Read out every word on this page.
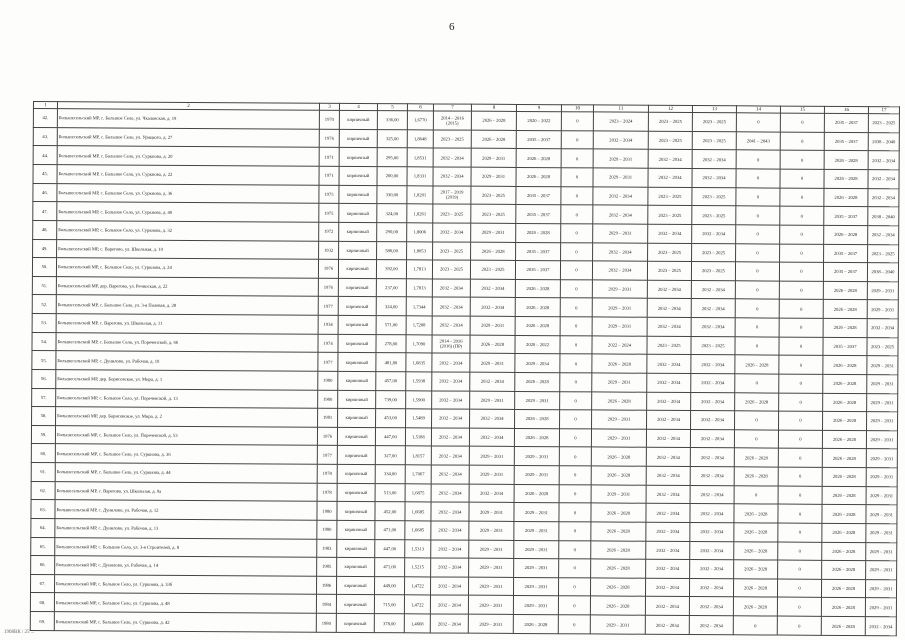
6
1	2	3	4	5	6	7	8	9	10	11	12	13	14	15	16	17
42.	Большесельский МР, с. Большое Село, ул. Чкаловская, д. 19	1970	кирпичный	336,00	1,6770	2014 – 2016 (2015)	2026 – 2028	2020 – 2022	0	2023 – 2024	2023 – 2025	2023 – 2025	0	0	2035 – 2037	2023 – 2025
43.	Большесельский МР, с. Большое Село, ул. Урицкого, д. 27	1976	кирпичный	325,00	1,8648	2023 – 2025	2026 – 2028	2035 – 2037	0	2032 – 2034	2023 – 2025	2023 – 2025	2041 – 2043	0	2035 – 2037	2038 – 2040
44.	Большесельский МР, с. Большое Село, ул. Суркнова, д. 20	1971	кирпичный	295,00	1,8531	2032 – 2034	2029 – 2031	2026 – 2028	0	2029 – 2031	2032 – 2034	2032 – 2034	0	0	2026 – 2028	2032 – 2034
45.	Большесельский МР, с. Большое Село, ул. Суркнова, д. 22	1971	кирпичный	200,00	1,8331	2032 – 2034	2029 – 2031	2026 – 2028	0	2029 – 2031	2032 – 2034	2032 – 2034	0	0	2026 – 2028	2032 – 2034
46.	Большесельский МР, с. Большое Село, ул. Суркнова, д. 36	1975	кирпичный	330,00	1,8201	2017 – 2019 (2019)	2023 – 2025	2035 – 2037	0	2032 – 2034	2023 – 2025	2023 – 2025	0	0	2026 – 2028	2032 – 2034
47.	Большесельский МР, с. Большое Село, ул. Суркнова, д. 40	1975	кирпичный	324,00	1,8261	2023 – 2025	2023 – 2025	2035 – 2037	0	2032 – 2034	2023 – 2025	2023 – 2025	0	0	2035 – 2037	2038 – 2040
48.	Большесельский МР, с. Большое Село, ул. Суркнова, д. 32	1972	кирпичный	290,00	1,8006	2032 – 2034	2029 – 2031	2026 – 2028	0	2029 – 2031	2032 – 2034	2032 – 2034	0	0	2026 – 2028	2032 – 2034
49.	Большесельский МР, с. Варегово, ул. Школьная, д. 10	1932	кирпичный	586,00	1,8053	2023 – 2025	2026 – 2028	2035 – 2037	0	2032 – 2034	2023 – 2025	2023 – 2025	0	0	2035 – 2037	2023 – 2025
50.	Большесельский МР, с. Большое Село, ул. Суркнова, д. 24	1976	кирпичный	392,00	1,7813	2023 – 2025	2023 – 2025	2035 – 2037	0	2032 – 2034	2023 – 2025	2023 – 2025	0	0	2035 – 2037	2038 – 2040
51.	Большесельский МР, дер. Варегово, ул. Речинская, д. 22	1976	кирпичный	237,00	1,7813	2032 – 2034	2032 – 2034	2026 – 2028	0	2029 – 2031	2032 – 2034	2032 – 2034	0	0	2026 – 2028	2029 – 2031
52.	Большесельский МР, с. Большое Село, ул. 3-я Полевая, д. 28	1977	кирпичный	324,00	1,7344	2032 – 2034	2032 – 2034	2026 – 2028	0	2029 – 2031	2032 – 2034	2032 – 2034	0	0	2026 – 2028	2029 – 2031
53.	Большесельский МР, с. Варегово, ул. Школьная, д. 11	1934	кирпичный	571,00	1,7208	2032 – 2034	2029 – 2031	2026 – 2028	0	2029 – 2031	2032 – 2034	2032 – 2034	0	0	2026 – 2028	2032 – 2034
54.	Большесельский МР, с. Большое Село, ул. Пореченской, д. 66	1974	кирпичный	278,00	1,7090	2014 – 2016 (2016) (ПР)	2026 – 2028	2020 – 2022	0	2022 – 2024	2023 – 2025	2023 – 2025	0	0	2035 – 2037	2023 – 2025
55.	Большесельский МР, с. Дунилово, ул. Рабочая, д. 10	1977	кирпичный	481,80	1,6835	2032 – 2034	2029 – 2031	2029 – 2034	0	2026 – 2028	2032 – 2034	2032 – 2034	2026 – 2028	0	2026 – 2028	2029 – 2031
56.	Большесельский МР, дер. Борисовское, ул. Мира, д. 1	1980	кирпичный	457,00	1,5938	2032 – 2034	2032 – 2034	2026 – 2028	0	2029 – 2031	2032 – 2034	2032 – 2034	0	0	2026 – 2028	2029 – 2031
57.	Большесельский МР, с. Большое Село, ул. Пореченской, д. 13	1980	кирпичный	739,00	1,5900	2032 – 2034	2029 – 2031	2029 – 2031	0	2026 – 2028	2032 – 2034	2032 – 2034	2026 – 2028	0	2026 – 2028	2029 – 2031
58.	Большесельский МР, дер. Борисовское, ул. Мира, д. 2	1981	кирпичный	453,00	1,5489	2032 – 2034	2032 – 2034	2026 – 2028	0	2029 – 2031	2032 – 2034	2032 – 2034	0	0	2026 – 2028	2029 – 2031
59.	Большесельский МР, с. Большое Село, ул. Пореченской, д. 53	1976	кирпичный	447,00	1,5186	2032 – 2034	2032 – 2034	2026 – 2028	0	2029 – 2031	2032 – 2034	2032 – 2034	0	0	2026 – 2028	2029 – 2031
60.	Большесельский МР, с. Большое Село, ул. Суркнова, д. 36	1977	кирпичный	327,00	1,8157	2032 – 2034	2029 – 2031	2029 – 2031	0	2026 – 2028	2032 – 2034	2032 – 2034	2026 – 2028	0	2026 – 2028	2029 – 2031
61.	Большесельский МР, с. Большое Село, ул. Суркнова, д. 44	1978	кирпичный	334,00	1,7067	2032 – 2034	2029 – 2031	2029 – 2031	0	2026 – 2028	2032 – 2034	2032 – 2034	2026 – 2028	0	2026 – 2028	2029 – 2031
62.	Большесельский МР, с. Варегово, ул. Школьная, д. 9а	1978	кирпичный	513,00	1,6875	2032 – 2034	2032 – 2034	2026 – 2028	0	2029 – 2031	2032 – 2034	2032 – 2034	0	0	2026 – 2028	2029 – 2031
63.	Большесельский МР, с. Дунилово, ул. Рабочая, д. 12	1980	кирпичный	452,00	1,6685	2032 – 2034	2029 – 2031	2029 – 2031	0	2026 – 2028	2032 – 2034	2032 – 2034	2026 – 2028	0	2026 – 2028	2029 – 2031
64.	Большесельский МР, с. Дунилово, ул. Рабочая, д. 13	1980	кирпичный	471,00	1,6685	2032 – 2034	2029 – 2031	2029 – 2031	0	2026 – 2028	2032 – 2034	2032 – 2034	2026 – 2028	0	2026 – 2028	2029 – 2031
65.	Большесельский МР, с. Большое Село, ул. 3-я Строителей, д. 8	1983	кирпичный	447,00	1,5313	2032 – 2034	2029 – 2031	2029 – 2031	0	2026 – 2028	2032 – 2034	2032 – 2034	2026 – 2028	0	2026 – 2028	2029 – 2031
66.	Большесельский МР, с. Дунилово, ул. Рабочая, д. 14	1985	кирпичный	471,00	1,5215	2032 – 2034	2029 – 2031	2029 – 2031	0	2026 – 2028	2032 – 2034	2032 – 2034	2026 – 2028	0	2026 – 2028	2029 – 2031
67.	Большесельский МР, с. Большое Село, ул. Суркнова, д. 33б	1986	кирпичный	449,00	1,4722	2032 – 2034	2029 – 2031	2029 – 2031	0	2026 – 2028	2032 – 2034	2032 – 2034	2026 – 2028	0	2026 – 2028	2029 – 2031
68.	Большесельский МР, с. Большое Село, ул. Суркнова, д. 48	1984	кирпичный	715,00	1,4722	2032 – 2034	2029 – 2031	2029 – 2031	0	2026 – 2028	2032 – 2034	2032 – 2034	2026 – 2028	0	2026 – 2028	2029 – 2031
69.	Большесельский МР, с. Большое Село, ул. Суркнова, д. 42	1980	кирпичный	378,00	1,4668	2032 – 2034	2029 – 2031	2026 – 2028	0	2029 – 2031	2032 – 2034	2032 – 2034	0	0	2026 – 2028	2032 – 2034
1908ВК / 25 ...
